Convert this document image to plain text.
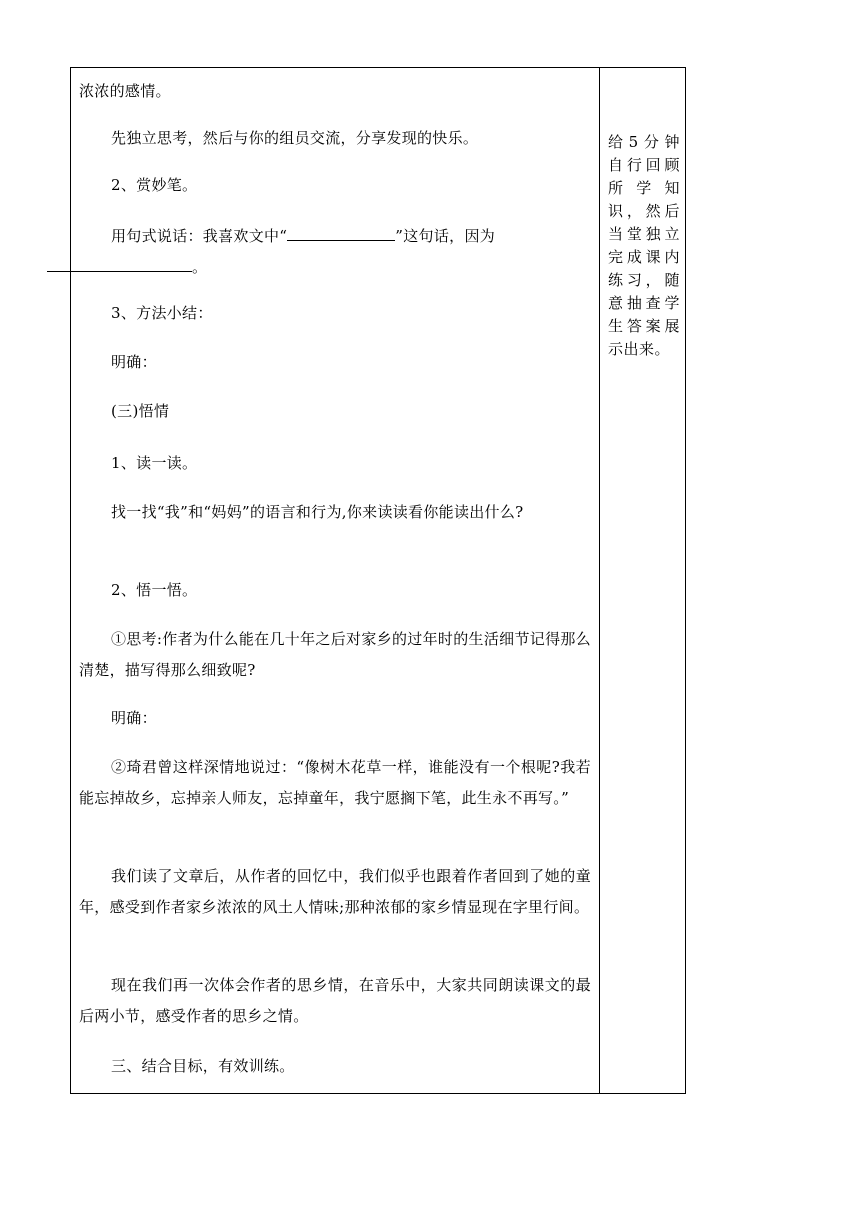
浓浓的感情。
先独立思考，然后与你的组员交流，分享发现的快乐。
2、赏妙笔。
用句式说话：我喜欢文中“	”这句话，因为
。
3、方法小结：
明确：
(三)悟情
1、读一读。
找一找“我”和“妈妈”的语言和行为,你来读读看你能读出什么?
2、悟一悟。
①思考:作者为什么能在几十年之后对家乡的过年时的生活细节记得那么清楚，描写得那么细致呢?
明确：
②琦君曾这样深情地说过：“像树木花草一样，谁能没有一个根呢?我若能忘掉故乡，忘掉亲人师友，忘掉童年，我宁愿搁下笔，此生永不再写。”
我们读了文章后，从作者的回忆中，我们似乎也跟着作者回到了她的童年，感受到作者家乡浓浓的风土人情味;那种浓郁的家乡情显现在字里行间。
现在我们再一次体会作者的思乡情，在音乐中，大家共同朗读课文的最后两小节，感受作者的思乡之情。
三、结合目标，有效训练。
给5分钟自行回顾所学知识，然后当堂独立完成课内练习，随意抽查学生答案展示出来。
